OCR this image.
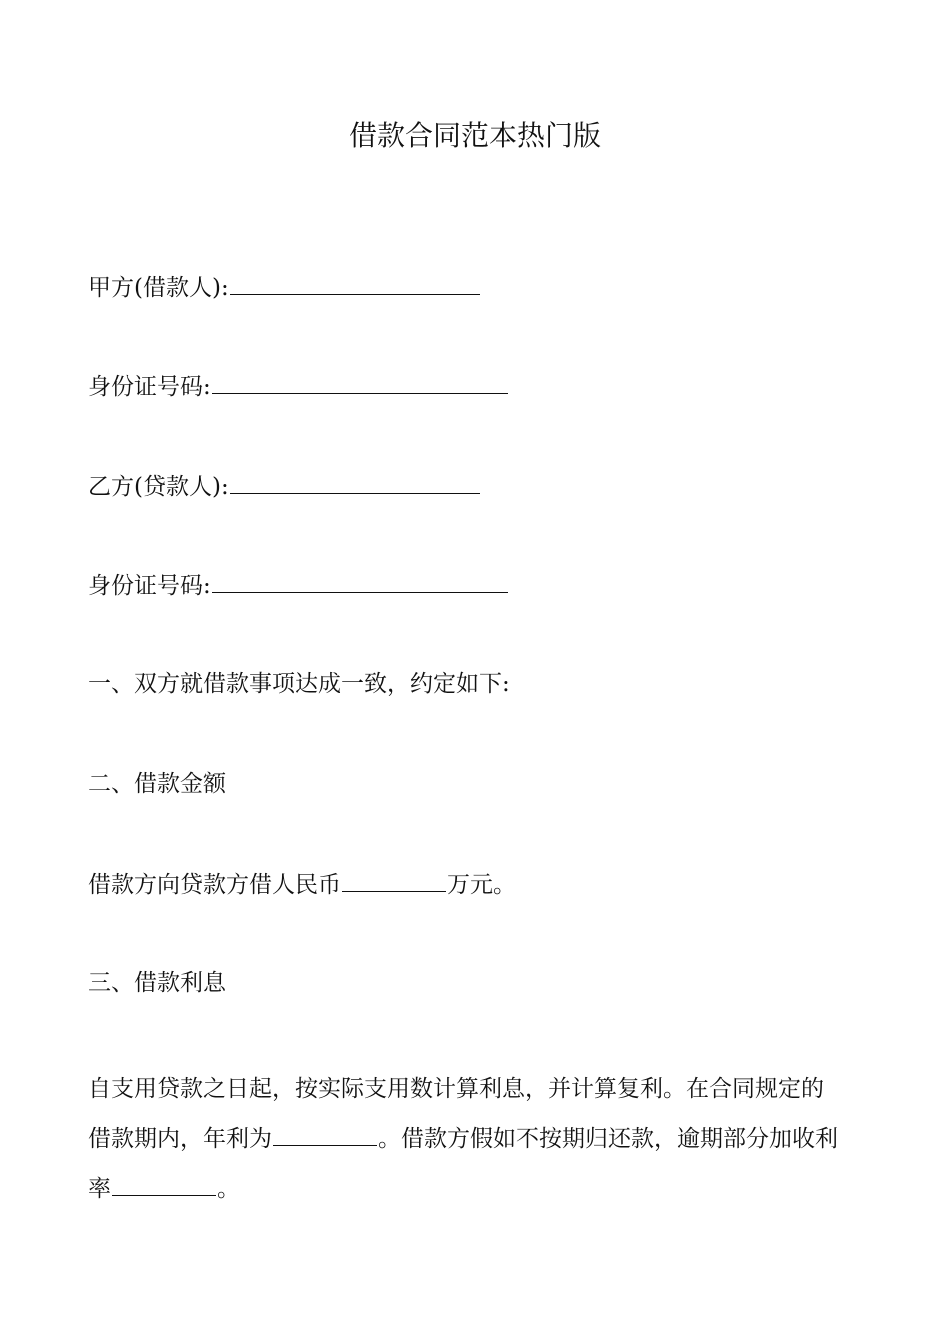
借款合同范本热门版
甲方(借款人):
身份证号码:
乙方(贷款人):
身份证号码:
一、双方就借款事项达成一致，约定如下:
二、借款金额
借款方向贷款方借人民币	万元。
三、借款利息
自支用贷款之日起，按实际支用数计算利息，并计算复利。在合同规定的
借款期内，年利为	。借款方假如不按期归还款，逾期部分加收利
率	。
